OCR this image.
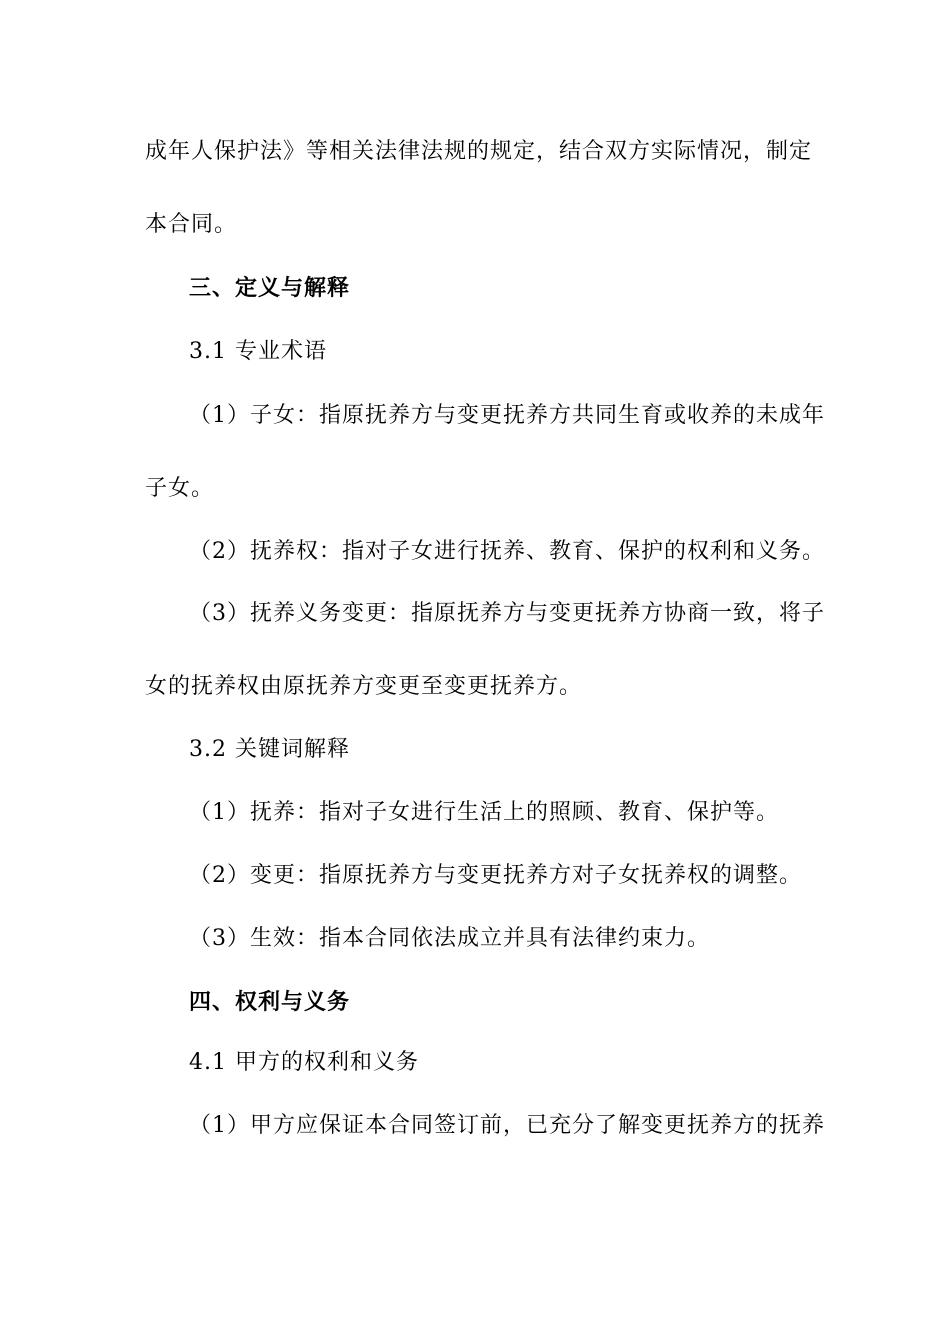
成年人保护法》等相关法律法规的规定，结合双方实际情况，制定
本合同。
三、定义与解释
3.1 专业术语
（1）子女：指原抚养方与变更抚养方共同生育或收养的未成年
子女。
（2）抚养权：指对子女进行抚养、教育、保护的权利和义务。
（3）抚养义务变更：指原抚养方与变更抚养方协商一致，将子
女的抚养权由原抚养方变更至变更抚养方。
3.2 关键词解释
（1）抚养：指对子女进行生活上的照顾、教育、保护等。
（2）变更：指原抚养方与变更抚养方对子女抚养权的调整。
（3）生效：指本合同依法成立并具有法律约束力。
四、权利与义务
4.1 甲方的权利和义务
（1）甲方应保证本合同签订前，已充分了解变更抚养方的抚养
